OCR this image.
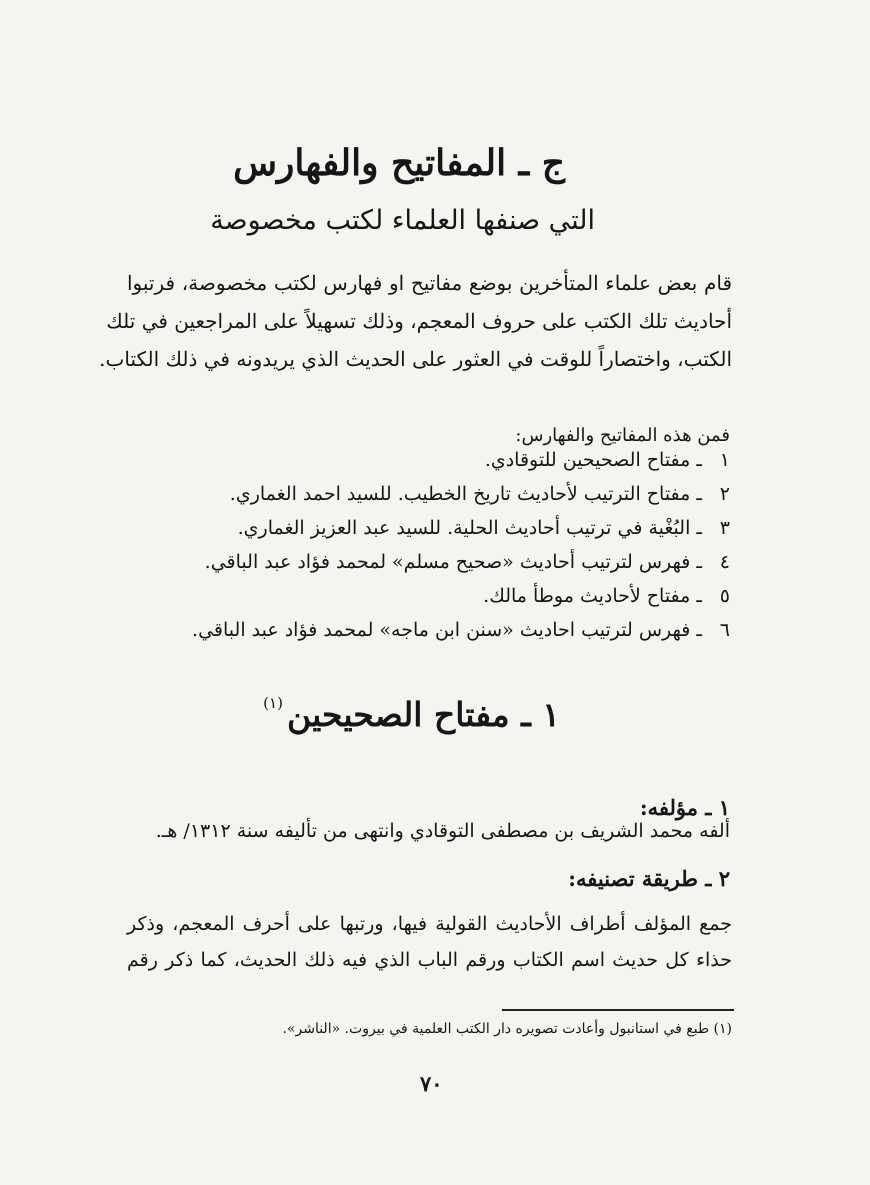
ج ـ المفاتيح والفهارس
التي صنفها العلماء لكتب مخصوصة
قام بعض علماء المتأخرين بوضع مفاتيح او فهارس لكتب مخصوصة، فرتبوا
أحاديث تلك الكتب على حروف المعجم، وذلك تسهيلاً على المراجعين في تلك
الكتب، واختصاراً للوقت في العثور على الحديث الذي يريدونه في ذلك الكتاب.
فمن هذه المفاتيح والفهارس:
١ ـ مفتاح الصحيحين للتوقادي.
٢ ـ مفتاح الترتيب لأحاديث تاريخ الخطيب. للسيد احمد الغماري.
٣ ـ البُغْية في ترتيب أحاديث الحلية. للسيد عبد العزيز الغماري.
٤ ـ فهرس لترتيب أحاديث «صحيح مسلم» لمحمد فؤاد عبد الباقي.
٥ ـ مفتاح لأحاديث موطأ مالك.
٦ ـ فهرس لترتيب احاديث «سنن ابن ماجه» لمحمد فؤاد عبد الباقي.
١ ـ مفتاح الصحيحين$^{(١)}$
١ ـ مؤلفه:
ألفه محمد الشريف بن مصطفى التوقادي وانتهى من تأليفه سنة ١٣١٢/ هـ.
٢ ـ طريقة تصنيفه:
جمع المؤلف أطراف الأحاديث القولية فيها، ورتبها على أحرف المعجم، وذكر
حذاء كل حديث اسم الكتاب ورقم الباب الذي فيه ذلك الحديث، كما ذكر رقم
(١) طبع في استانبول وأعادت تصويره دار الكتب العلمية في بيروت. «الناشر».
٧٠
